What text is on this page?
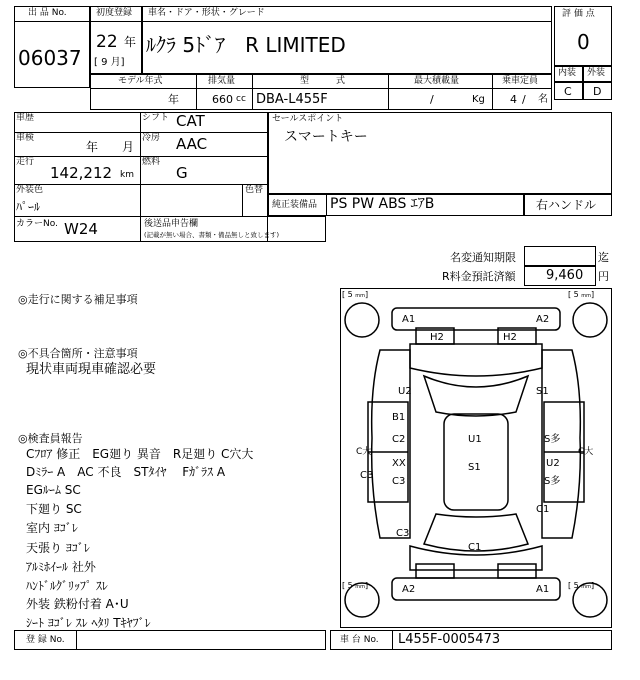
出 品 No.
06037
初度登録
22 年
[ 9 月]
車名・ドア・形状・グレード
ﾙｸﾗ 5ﾄﾞｱ　R LIMITED
評 価 点
0
内装 外装
C D
モデル年式
年
排気量
660 cc
型　　　式
DBA-L455F
最大積載量
/	Kg
乗車定員
4 / 名
車歴	シフト CAT
車検
年 月
冷房 AAC
走行
142,212 km
燃料
G
外装色
ﾊﾟｰﾙ
色替
カラーNo. W24	後送品申告欄
(記載が無い場合、書類・備品無しと致します)
セールスポイント
スマートキー
純正装備品 PS PW ABS ｴｱB	右ハンドル
名変通知期限	迄
R料金預託済額 9,460 円
◎走行に関する補足事項
◎不具合箇所・注意事項
現状車両現車確認必要
◎検査員報告
Cﾌﾛｱ 修正　EG廻り 異音　R足廻り C穴大
Dﾐﾗｰ A　AC 不良　STﾀｲﾔ　 Fｶﾞﾗｽ A
EGﾙｰﾑ SC
下廻り SC
室内 ﾖｺﾞﾚ
天張り ﾖｺﾞﾚ
ｱﾙﾐﾎｲｰﾙ 社外
ﾊﾝﾄﾞﾙｸﾞﾘｯﾌﾟ ｽﾚ
外装 鉄粉付着 A･U
ｼｰﾄ ﾖｺﾞﾚ ｽﾚ ﾍﾀﾘ Tｷﾔﾌﾞﾚ
[ 5 mm]	[ 5 mm]
[ 5 mm]	[ 5 mm]
A1	A2
H2	H2
U2	S1
B1
C2	U1	S多
C大	C大
C3
XX	S1	U2
C3	S多
C1
C3
C1
A2	A1
登 録 No.	車 台 No. L455F-0005473
